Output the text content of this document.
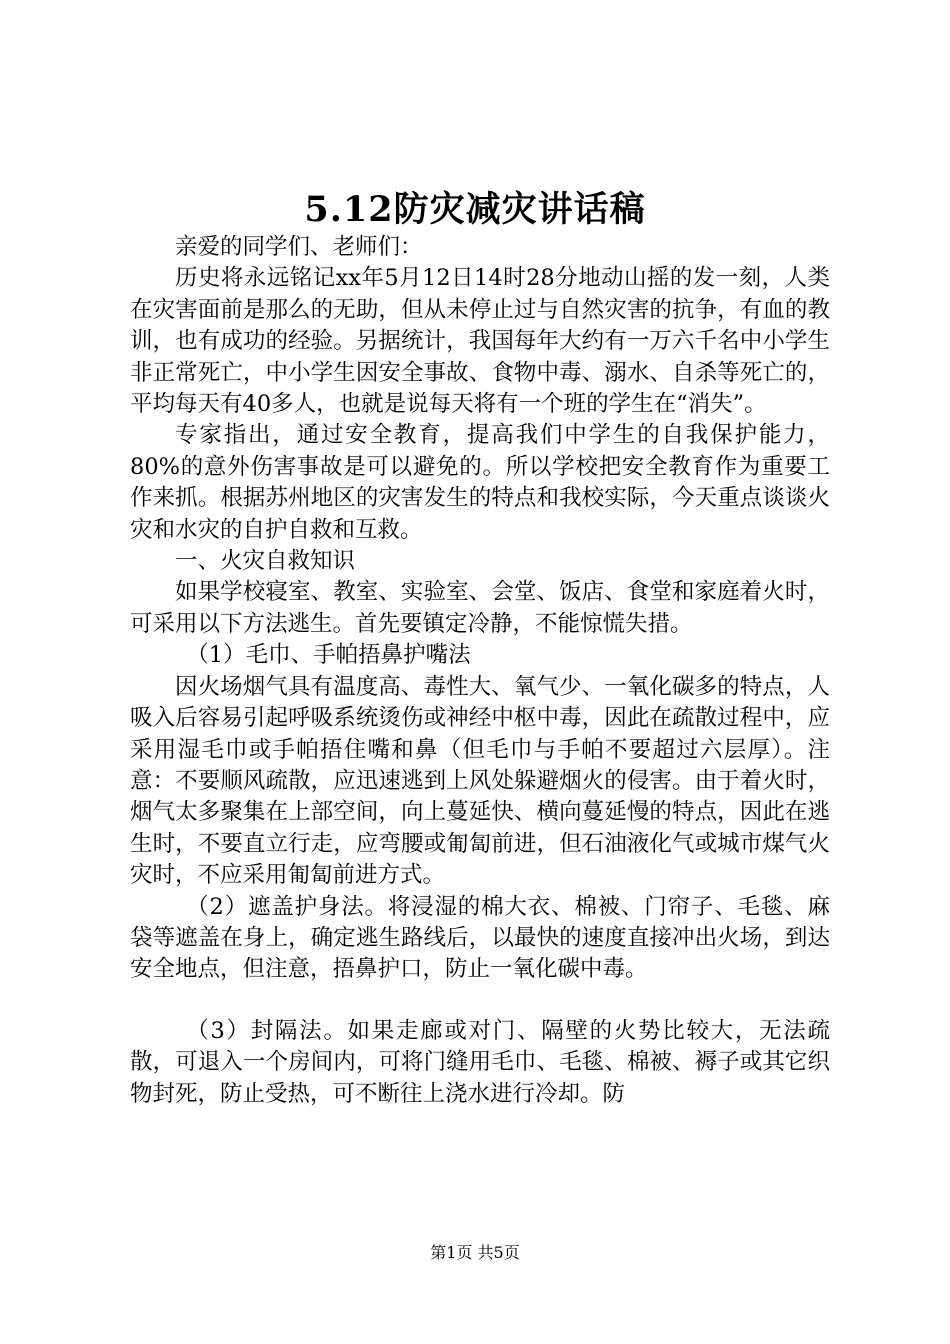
5.12防灾减灾讲话稿

亲爱的同学们、老师们：

历史将永远铭记xx年5月12日14时28分地动山摇的发一刻，人类在灾害面前是那么的无助，但从未停止过与自然灾害的抗争，有血的教训，也有成功的经验。另据统计，我国每年大约有一万六千名中小学生非正常死亡，中小学生因安全事故、食物中毒、溺水、自杀等死亡的，平均每天有40多人，也就是说每天将有一个班的学生在“消失”。

专家指出，通过安全教育，提高我们中学生的自我保护能力，80%的意外伤害事故是可以避免的。所以学校把安全教育作为重要工作来抓。根据苏州地区的灾害发生的特点和我校实际，今天重点谈谈火灾和水灾的自护自救和互救。

一、火灾自救知识

如果学校寝室、教室、实验室、会堂、饭店、食堂和家庭着火时，可采用以下方法逃生。首先要镇定冷静，不能惊慌失措。

（1）毛巾、手帕捂鼻护嘴法

因火场烟气具有温度高、毒性大、氧气少、一氧化碳多的特点，人吸入后容易引起呼吸系统烫伤或神经中枢中毒，因此在疏散过程中，应采用湿毛巾或手帕捂住嘴和鼻（但毛巾与手帕不要超过六层厚）。注意：不要顺风疏散，应迅速逃到上风处躲避烟火的侵害。由于着火时，烟气太多聚集在上部空间，向上蔓延快、横向蔓延慢的特点，因此在逃生时，不要直立行走，应弯腰或匍匐前进，但石油液化气或城市煤气火灾时，不应采用匍匐前进方式。

（2）遮盖护身法。将浸湿的棉大衣、棉被、门帘子、毛毯、麻袋等遮盖在身上，确定逃生路线后，以最快的速度直接冲出火场，到达安全地点，但注意，捂鼻护口，防止一氧化碳中毒。

（3）封隔法。如果走廊或对门、隔壁的火势比较大，无法疏散，可退入一个房间内，可将门缝用毛巾、毛毯、棉被、褥子或其它织物封死，防止受热，可不断往上浇水进行冷却。防

第1页 共5页
